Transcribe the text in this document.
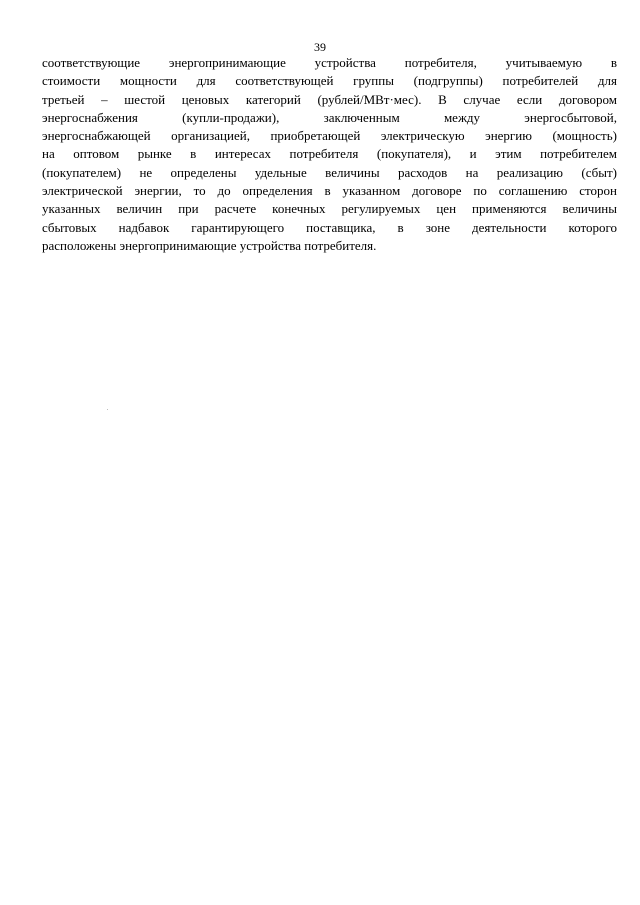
39

соответствующие энергопринимающие устройства потребителя, учитываемую в
стоимости мощности для соответствующей группы (подгруппы) потребителей для
третьей – шестой ценовых категорий (рублей/МВт·мес). В случае если договором
энергоснабжения (купли-продажи), заключенным между энергосбытовой,
энергоснабжающей организацией, приобретающей электрическую энергию (мощность)
на оптовом рынке в интересах потребителя (покупателя), и этим потребителем
(покупателем) не определены удельные величины расходов на реализацию (сбыт)
электрической энергии, то до определения в указанном договоре по соглашению сторон
указанных величин при расчете конечных регулируемых цен применяются величины
сбытовых надбавок гарантирующего поставщика, в зоне деятельности которого
расположены энергопринимающие устройства потребителя.
